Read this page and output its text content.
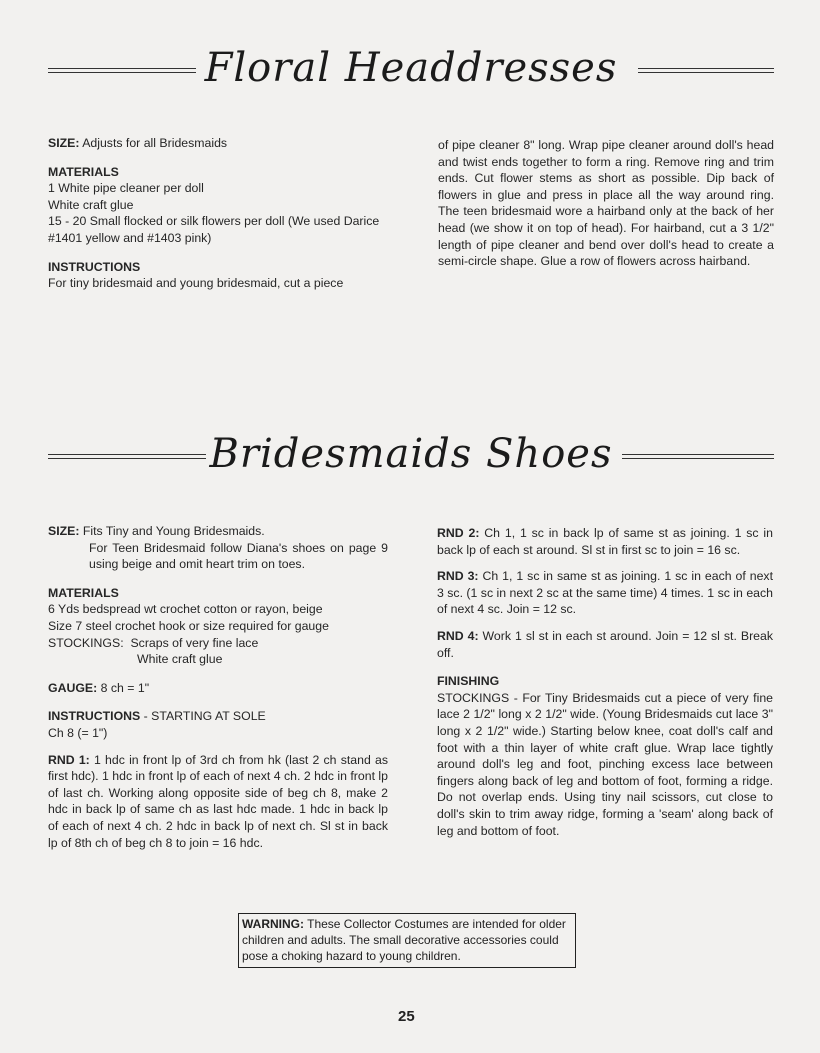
Floral Headdresses

SIZE: Adjusts for all Bridesmaids

MATERIALS

1 White pipe cleaner per doll

White craft glue

15 - 20 Small flocked or silk flowers per doll (We used Darice #1401 yellow and #1403 pink)

INSTRUCTIONS

For tiny bridesmaid and young bridesmaid, cut a piece

of pipe cleaner 8" long. Wrap pipe cleaner around doll's head and twist ends together to form a ring. Remove ring and trim ends. Cut flower stems as short as possible. Dip back of flowers in glue and press in place all the way around ring. The teen bridesmaid wore a hairband only at the back of her head (we show it on top of head). For hairband, cut a 3 1/2" length of pipe cleaner and bend over doll's head to create a semi-circle shape. Glue a row of flowers across hairband.

Bridesmaids Shoes

SIZE: Fits Tiny and Young Bridesmaids.

For Teen Bridesmaid follow Diana's shoes on page 9 using beige and omit heart trim on toes.

MATERIALS

6 Yds bedspread wt crochet cotton or rayon, beige

Size 7 steel crochet hook or size required for gauge

STOCKINGS: Scraps of very fine lace

White craft glue

GAUGE: 8 ch = 1"

INSTRUCTIONS - STARTING AT SOLE

Ch 8 (= 1")

RND 1: 1 hdc in front lp of 3rd ch from hk (last 2 ch stand as first hdc). 1 hdc in front lp of each of next 4 ch. 2 hdc in front lp of last ch. Working along opposite side of beg ch 8, make 2 hdc in back lp of same ch as last hdc made. 1 hdc in back lp of each of next 4 ch. 2 hdc in back lp of next ch. Sl st in back lp of 8th ch of beg ch 8 to join = 16 hdc.

RND 2: Ch 1, 1 sc in back lp of same st as joining. 1 sc in back lp of each st around. Sl st in first sc to join = 16 sc.

RND 3: Ch 1, 1 sc in same st as joining. 1 sc in each of next 3 sc. (1 sc in next 2 sc at the same time) 4 times. 1 sc in each of next 4 sc. Join = 12 sc.

RND 4: Work 1 sl st in each st around. Join = 12 sl st. Break off.

FINISHING

STOCKINGS - For Tiny Bridesmaids cut a piece of very fine lace 2 1/2" long x 2 1/2" wide. (Young Bridesmaids cut lace 3" long x 2 1/2" wide.) Starting below knee, coat doll's calf and foot with a thin layer of white craft glue. Wrap lace tightly around doll's leg and foot, pinching excess lace between fingers along back of leg and bottom of foot, forming a ridge. Do not overlap ends. Using tiny nail scissors, cut close to doll's skin to trim away ridge, forming a 'seam' along back of leg and bottom of foot.

WARNING: These Collector Costumes are intended for older children and adults. The small decorative accessories could pose a choking hazard to young children.
25
